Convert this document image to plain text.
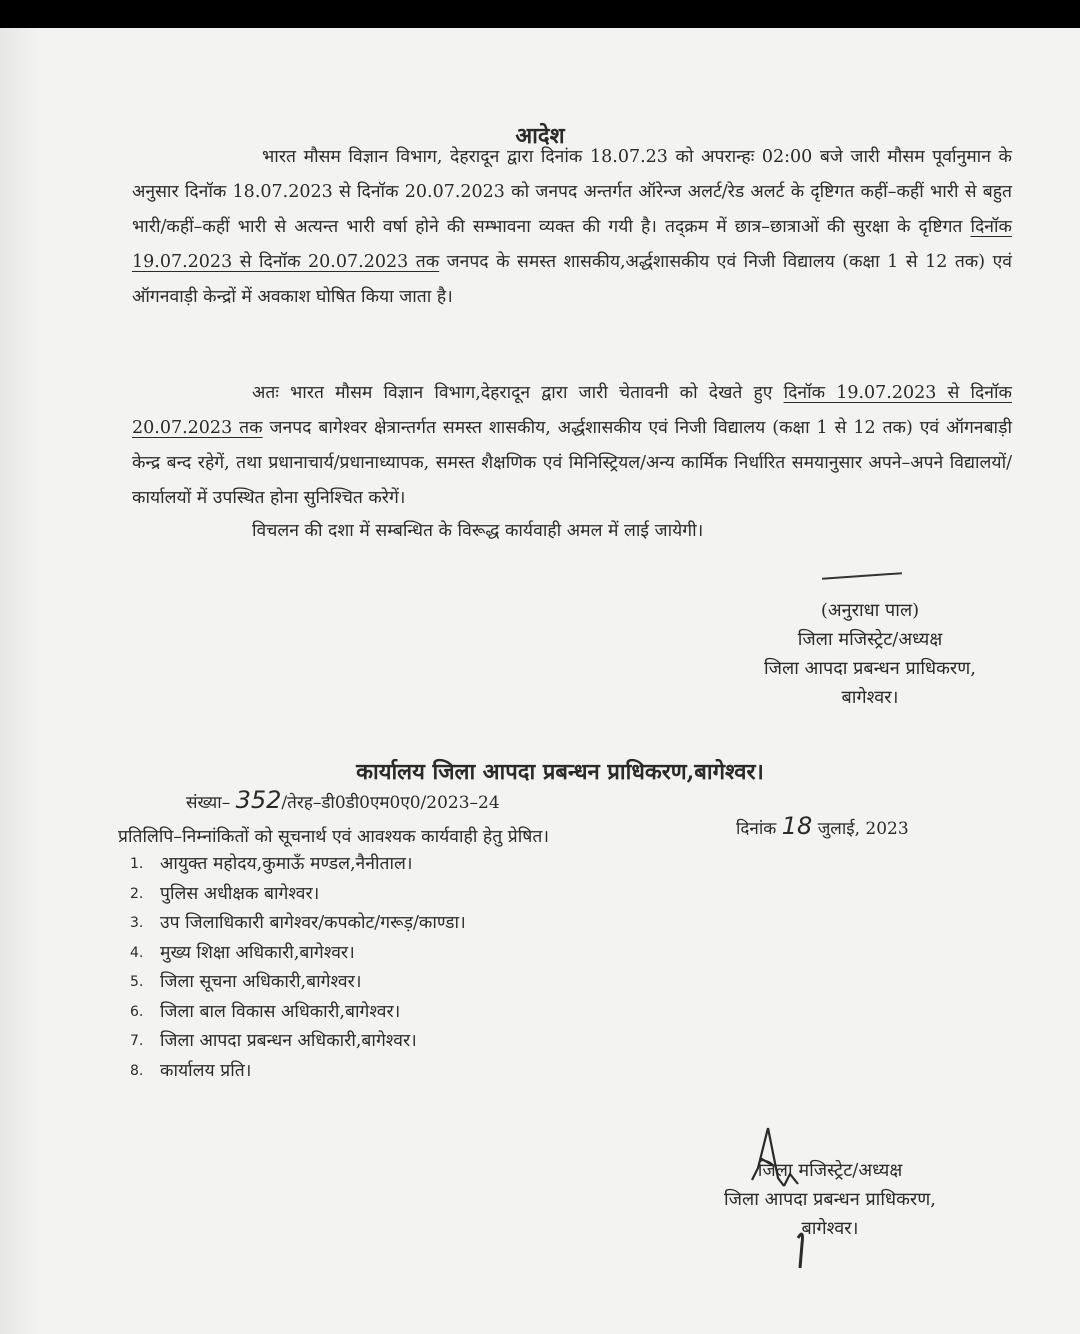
आदेश
भारत मौसम विज्ञान विभाग, देहरादून द्वारा दिनांक 18.07.23 को अपरान्हः 02:00 बजे जारी मौसम पूर्वानुमान के अनुसार दिनॉक 18.07.2023 से दिनॉक 20.07.2023 को जनपद अन्तर्गत ऑरेन्ज अलर्ट/रेड अलर्ट के दृष्टिगत कहीं–कहीं भारी से बहुत भारी/कहीं–कहीं भारी से अत्यन्त भारी वर्षा होने की सम्भावना व्यक्त की गयी है। तद्क्रम में छात्र–छात्राओं की सुरक्षा के दृष्टिगत दिनॉक 19.07.2023 से दिनॉक 20.07.2023 तक जनपद के समस्त शासकीय,अर्द्धशासकीय एवं निजी विद्यालय (कक्षा 1 से 12 तक) एवं ऑगनवाड़ी केन्द्रों में अवकाश घोषित किया जाता है।
अतः भारत मौसम विज्ञान विभाग,देहरादून द्वारा जारी चेतावनी को देखते हुए दिनॉक 19.07.2023 से दिनॉक 20.07.2023 तक जनपद बागेश्वर क्षेत्रान्तर्गत समस्त शासकीय, अर्द्धशासकीय एवं निजी विद्यालय (कक्षा 1 से 12 तक) एवं ऑगनबाड़ी केन्द्र बन्द रहेगें, तथा प्रधानाचार्य/प्रधानाध्यापक, समस्त शैक्षणिक एवं मिनिस्ट्रियल/अन्य कार्मिक निर्धारित समयानुसार अपने–अपने विद्यालयों/कार्यालयों में उपस्थित होना सुनिश्चित करेगें।
विचलन की दशा में सम्बन्धित के विरूद्ध कार्यवाही अमल में लाई जायेगी।
(अनुराधा पाल)
जिला मजिस्ट्रेट/अध्यक्ष
जिला आपदा प्रबन्धन प्राधिकरण,
बागेश्वर।
कार्यालय जिला आपदा प्रबन्धन प्राधिकरण,बागेश्वर।
संख्या– 352/तेरह–डी0डी0एम0ए0/2023–24
दिनांक 18 जुलाई, 2023
प्रतिलिपि–निम्नांकितों को सूचनार्थ एवं आवश्यक कार्यवाही हेतु प्रेषित।
1. आयुक्त महोदय,कुमाऊँ मण्डल,नैनीताल।
2. पुलिस अधीक्षक बागेश्वर।
3. उप जिलाधिकारी बागेश्वर/कपकोट/गरूड़/काण्डा।
4. मुख्य शिक्षा अधिकारी,बागेश्वर।
5. जिला सूचना अधिकारी,बागेश्वर।
6. जिला बाल विकास अधिकारी,बागेश्वर।
7. जिला आपदा प्रबन्धन अधिकारी,बागेश्वर।
8. कार्यालय प्रति।
जिला मजिस्ट्रेट/अध्यक्ष
जिला आपदा प्रबन्धन प्राधिकरण,
बागेश्वर।
